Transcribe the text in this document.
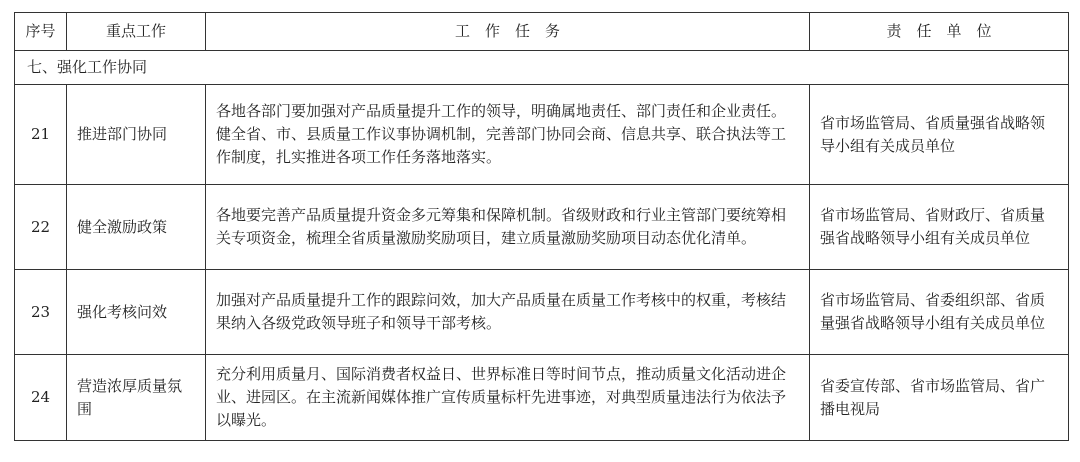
序号	重点工作	工　作　任　务	责　任　单　位
七、强化工作协同			
21	推进部门协同	各地各部门要加强对产品质量提升工作的领导，明确属地责任、部门责任和企业责任。健全省、市、县质量工作议事协调机制，完善部门协同会商、信息共享、联合执法等工作制度，扎实推进各项工作任务落地落实。	省市场监管局、省质量强省战略领导小组有关成员单位
22	健全激励政策	各地要完善产品质量提升资金多元筹集和保障机制。省级财政和行业主管部门要统筹相关专项资金，梳理全省质量激励奖励项目，建立质量激励奖励项目动态优化清单。	省市场监管局、省财政厅、省质量强省战略领导小组有关成员单位
23	强化考核问效	加强对产品质量提升工作的跟踪问效，加大产品质量在质量工作考核中的权重，考核结果纳入各级党政领导班子和领导干部考核。	省市场监管局、省委组织部、省质量强省战略领导小组有关成员单位
24	营造浓厚质量氛围	充分利用质量月、国际消费者权益日、世界标准日等时间节点，推动质量文化活动进企业、进园区。在主流新闻媒体推广宣传质量标杆先进事迹，对典型质量违法行为依法予以曝光。	省委宣传部、省市场监管局、省广播电视局
